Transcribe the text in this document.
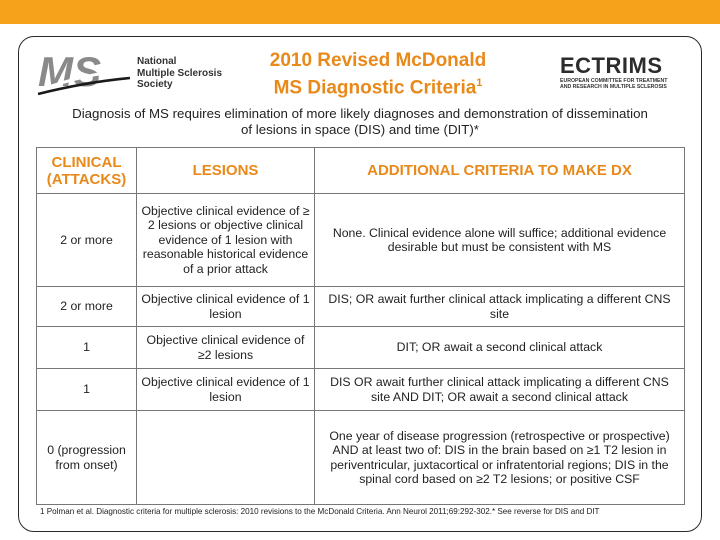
MS	National
Multiple Sclerosis
Society
2010 Revised McDonald
MS Diagnostic Criteria$^1$
ECTRIMS
EUROPEAN COMMITTEE FOR TREATMENT
AND RESEARCH IN MULTIPLE SCLEROSIS
Diagnosis of MS requires elimination of more likely diagnoses and demonstration of dissemination
of lesions in space (DIS) and time (DIT)*
CLINICAL (ATTACKS)	LESIONS	ADDITIONAL CRITERIA TO MAKE DX
2 or more	Objective clinical evidence of ≥ 2 lesions or objective clinical evidence of 1 lesion with reasonable historical evidence of a prior attack	None. Clinical evidence alone will suffice; additional evidence desirable but must be consistent with MS
2 or more	Objective clinical evidence of 1 lesion	DIS; OR await further clinical attack implicating a different CNS site
1	Objective clinical evidence of ≥2 lesions	DIT; OR await a second clinical attack
1	Objective clinical evidence of 1 lesion	DIS OR await further clinical attack implicating a different CNS site AND DIT; OR await a second clinical attack
0 (progression from onset)		One year of disease progression (retrospective or prospective) AND at least two of: DIS in the brain based on ≥1 T2 lesion in periventricular, juxtacortical or infratentorial regions; DIS in the spinal cord based on ≥2 T2 lesions; or positive CSF
1 Polman et al. Diagnostic criteria for multiple sclerosis: 2010 revisions to the McDonald Criteria. Ann Neurol 2011;69:292-302.* See reverse for DIS and DIT
